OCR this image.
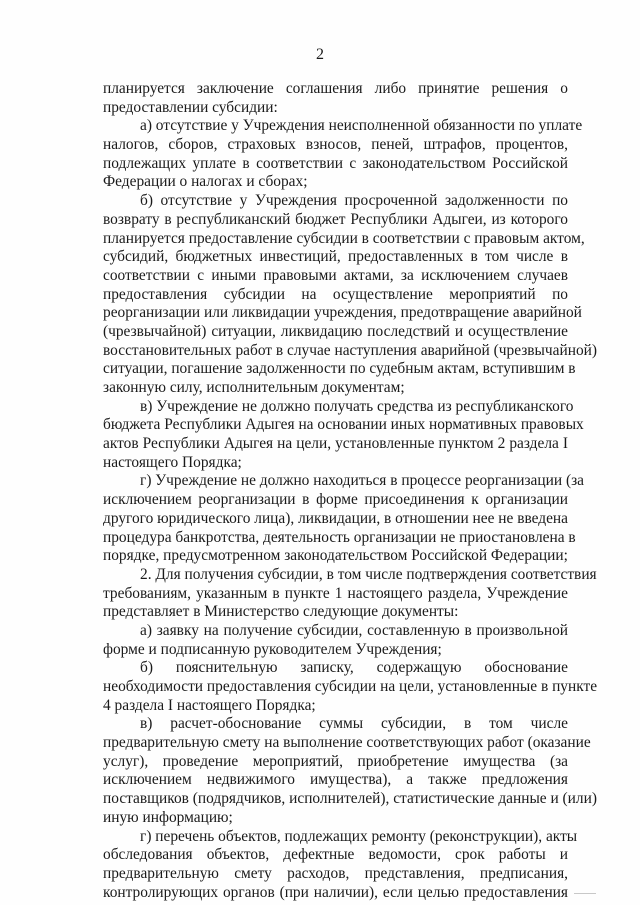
2
планируется заключение соглашения либо принятие решения о
предоставлении субсидии:
а) отсутствие у Учреждения неисполненной обязанности по уплате
налогов, сборов, страховых взносов, пеней, штрафов, процентов,
подлежащих уплате в соответствии с законодательством Российской
Федерации о налогах и сборах;
б) отсутствие у Учреждения просроченной задолженности по
возврату в республиканский бюджет Республики Адыгеи, из которого
планируется предоставление субсидии в соответствии с правовым актом,
субсидий, бюджетных инвестиций, предоставленных в том числе в
соответствии с иными правовыми актами, за исключением случаев
предоставления субсидии на осуществление мероприятий по
реорганизации или ликвидации учреждения, предотвращение аварийной
(чрезвычайной) ситуации, ликвидацию последствий и осуществление
восстановительных работ в случае наступления аварийной (чрезвычайной)
ситуации, погашение задолженности по судебным актам, вступившим в
законную силу, исполнительным документам;
в) Учреждение не должно получать средства из республиканского
бюджета Республики Адыгея на основании иных нормативных правовых
актов Республики Адыгея на цели, установленные пунктом 2 раздела I
настоящего Порядка;
г) Учреждение не должно находиться в процессе реорганизации (за
исключением реорганизации в форме присоединения к организации
другого юридического лица), ликвидации, в отношении нее не введена
процедура банкротства, деятельность организации не приостановлена в
порядке, предусмотренном законодательством Российской Федерации;
2. Для получения субсидии, в том числе подтверждения соответствия
требованиям, указанным в пункте 1 настоящего раздела, Учреждение
представляет в Министерство следующие документы:
а) заявку на получение субсидии, составленную в произвольной
форме и подписанную руководителем Учреждения;
б) пояснительную записку, содержащую обоснование
необходимости предоставления субсидии на цели, установленные в пункте
4 раздела I настоящего Порядка;
в) расчет-обоснование суммы субсидии, в том числе
предварительную смету на выполнение соответствующих работ (оказание
услуг), проведение мероприятий, приобретение имущества (за
исключением недвижимого имущества), а также предложения
поставщиков (подрядчиков, исполнителей), статистические данные и (или)
иную информацию;
г) перечень объектов, подлежащих ремонту (реконструкции), акты
обследования объектов, дефектные ведомости, срок работы и
предварительную смету расходов, представления, предписания,
контролирующих органов (при наличии), если целью предоставления
